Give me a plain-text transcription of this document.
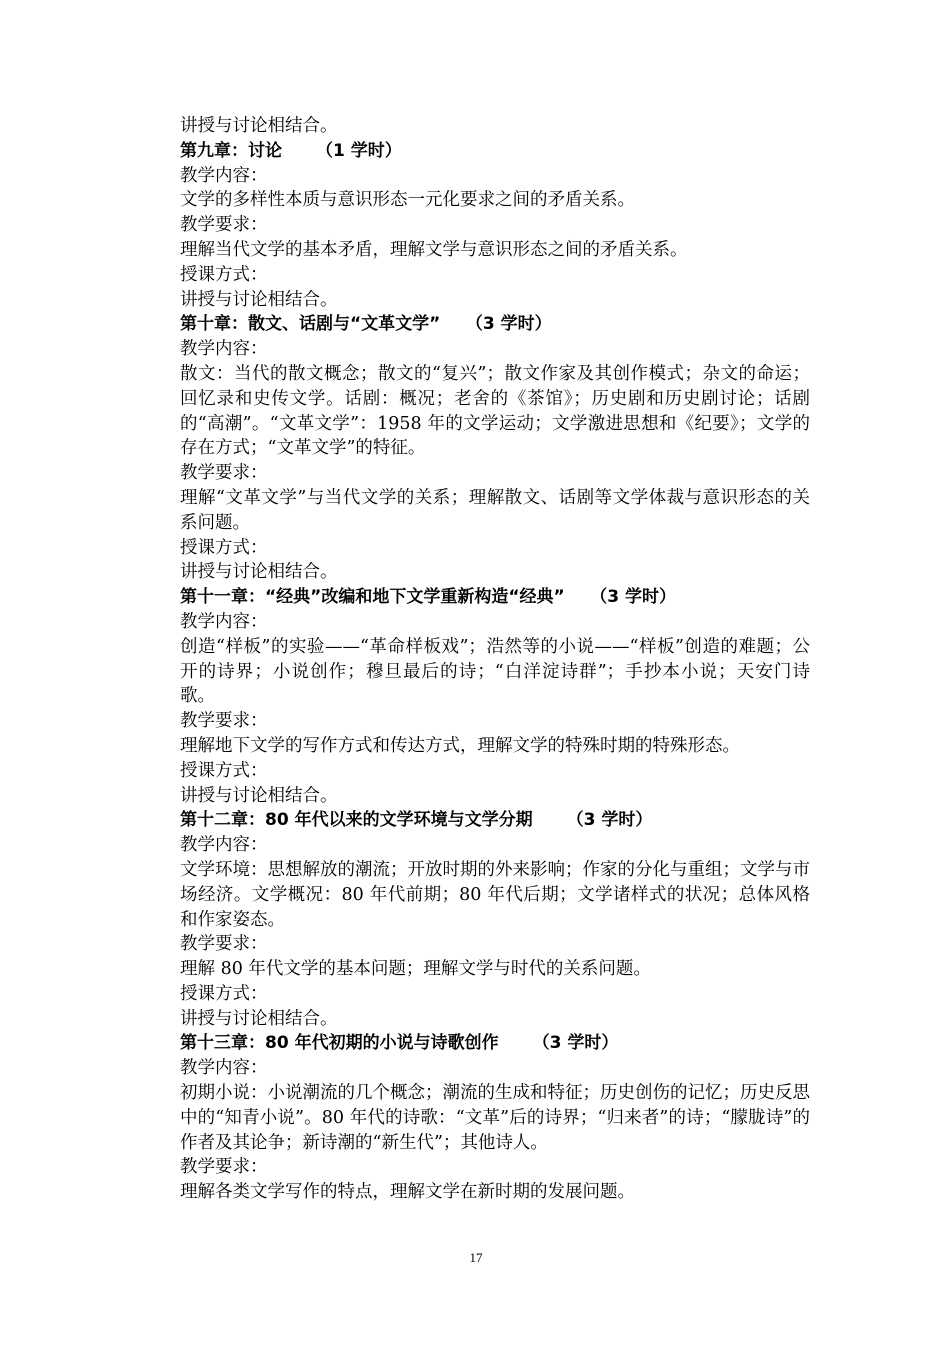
讲授与讨论相结合。
第九章：讨论 （1 学时）
教学内容：
文学的多样性本质与意识形态一元化要求之间的矛盾关系。
教学要求：
理解当代文学的基本矛盾，理解文学与意识形态之间的矛盾关系。
授课方式：
讲授与讨论相结合。
第十章：散文、话剧与“文革文学” （3 学时）
教学内容：
散文：当代的散文概念；散文的“复兴”；散文作家及其创作模式；杂文的命运；回忆录和史传文学。话剧：概况；老舍的《茶馆》；历史剧和历史剧讨论；话剧的“高潮”。“文革文学”：1958 年的文学运动；文学激进思想和《纪要》；文学的存在方式；“文革文学”的特征。
教学要求：
理解“文革文学”与当代文学的关系；理解散文、话剧等文学体裁与意识形态的关系问题。
授课方式：
讲授与讨论相结合。
第十一章：“经典”改编和地下文学重新构造“经典” （3 学时）
教学内容：
创造“样板”的实验——“革命样板戏”；浩然等的小说——“样板”创造的难题；公开的诗界；小说创作；穆旦最后的诗；“白洋淀诗群”；手抄本小说；天安门诗歌。
教学要求：
理解地下文学的写作方式和传达方式，理解文学的特殊时期的特殊形态。
授课方式：
讲授与讨论相结合。
第十二章：80 年代以来的文学环境与文学分期 （3 学时）
教学内容：
文学环境：思想解放的潮流；开放时期的外来影响；作家的分化与重组；文学与市场经济。文学概况：80 年代前期；80 年代后期；文学诸样式的状况；总体风格和作家姿态。
教学要求：
理解 80 年代文学的基本问题；理解文学与时代的关系问题。
授课方式：
讲授与讨论相结合。
第十三章：80 年代初期的小说与诗歌创作 （3 学时）
教学内容：
初期小说：小说潮流的几个概念；潮流的生成和特征；历史创伤的记忆；历史反思中的“知青小说”。80 年代的诗歌：“文革”后的诗界；“归来者”的诗；“朦胧诗”的作者及其论争；新诗潮的“新生代”；其他诗人。
教学要求：
理解各类文学写作的特点，理解文学在新时期的发展问题。
17
